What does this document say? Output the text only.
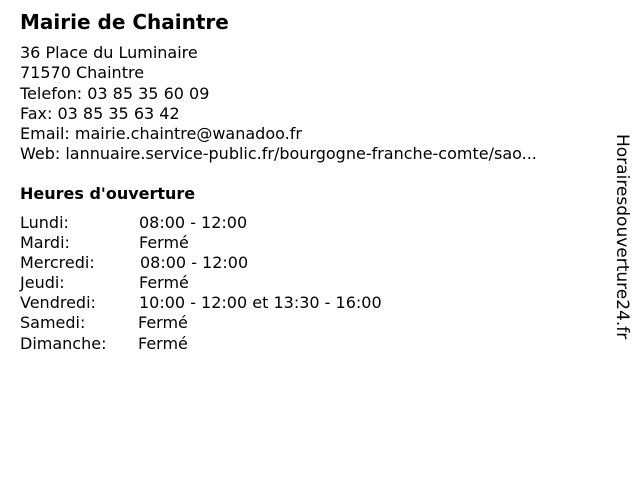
Mairie de Chaintre
36 Place du Luminaire
71570 Chaintre
Telefon: 03 85 35 60 09
Fax: 03 85 35 63 42
Email: mairie.chaintre@wanadoo.fr
Web: lannuaire.service-public.fr/bourgogne-franche-comte/sao...
Heures d'ouverture
Lundi:	08:00 - 12:00
Mardi:	Fermé
Mercredi:	08:00 - 12:00
Jeudi:	Fermé
Vendredi:	10:00 - 12:00 et 13:30 - 16:00
Samedi:	Fermé
Dimanche: Fermé
Horairesdouverture24.fr
